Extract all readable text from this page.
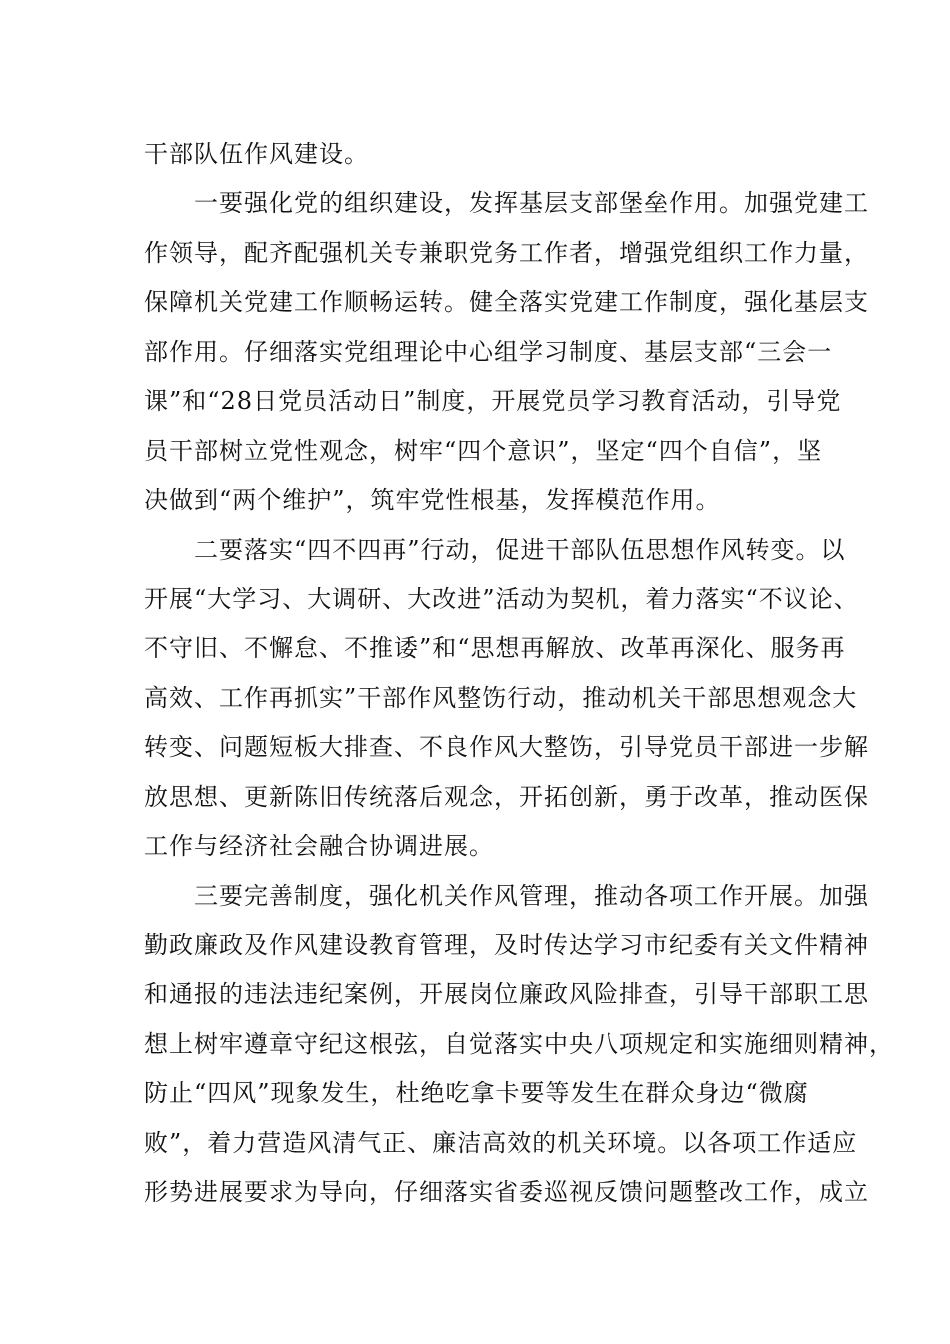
干部队伍作风建设。
　　一要强化党的组织建设，发挥基层支部堡垒作用。加强党建工
作领导，配齐配强机关专兼职党务工作者，增强党组织工作力量，
保障机关党建工作顺畅运转。健全落实党建工作制度，强化基层支
部作用。仔细落实党组理论中心组学习制度、基层支部“三会一
课”和“28日党员活动日”制度，开展党员学习教育活动，引导党
员干部树立党性观念，树牢“四个意识”，坚定“四个自信”，坚
决做到“两个维护”，筑牢党性根基，发挥模范作用。
　　二要落实“四不四再”行动，促进干部队伍思想作风转变。以
开展“大学习、大调研、大改进”活动为契机，着力落实“不议论、
不守旧、不懈怠、不推诿”和“思想再解放、改革再深化、服务再
高效、工作再抓实”干部作风整饬行动，推动机关干部思想观念大
转变、问题短板大排查、不良作风大整饬，引导党员干部进一步解
放思想、更新陈旧传统落后观念，开拓创新，勇于改革，推动医保
工作与经济社会融合协调进展。
　　三要完善制度，强化机关作风管理，推动各项工作开展。加强
勤政廉政及作风建设教育管理，及时传达学习市纪委有关文件精神
和通报的违法违纪案例，开展岗位廉政风险排查，引导干部职工思
想上树牢遵章守纪这根弦，自觉落实中央八项规定和实施细则精神，
防止“四风”现象发生，杜绝吃拿卡要等发生在群众身边“微腐
败”，着力营造风清气正、廉洁高效的机关环境。以各项工作适应
形势进展要求为导向，仔细落实省委巡视反馈问题整改工作，成立
